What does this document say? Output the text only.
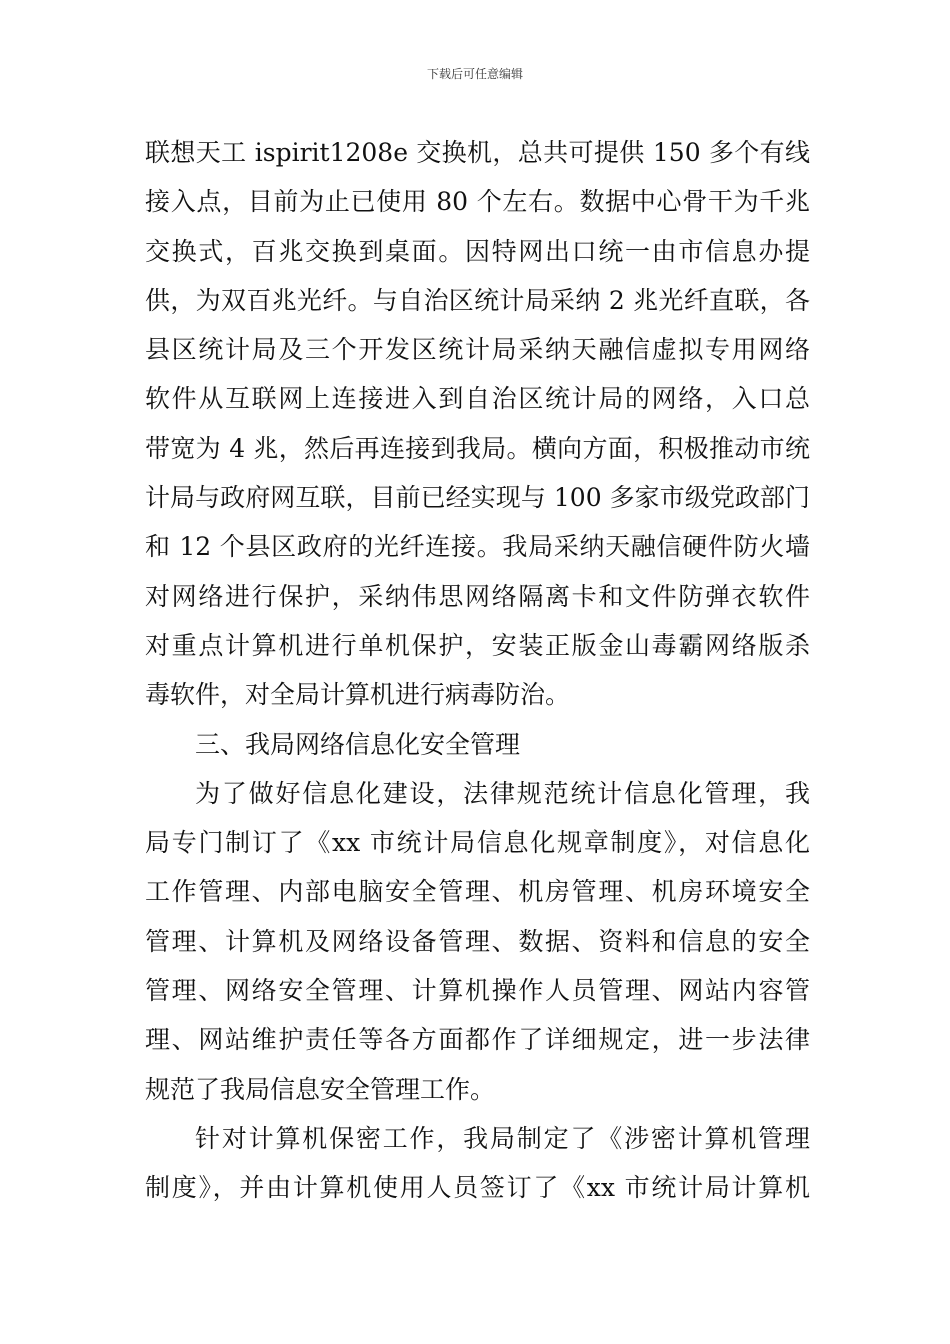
下载后可任意编辑
联想天工 ispirit1208e 交换机，总共可提供 150 多个有线
接入点，目前为止已使用 80 个左右。数据中心骨干为千兆
交换式，百兆交换到桌面。因特网出口统一由市信息办提
供，为双百兆光纤。与自治区统计局采纳 2 兆光纤直联，各
县区统计局及三个开发区统计局采纳天融信虚拟专用网络
软件从互联网上连接进入到自治区统计局的网络，入口总
带宽为 4 兆，然后再连接到我局。横向方面，积极推动市统
计局与政府网互联，目前已经实现与 100 多家市级党政部门
和 12 个县区政府的光纤连接。我局采纳天融信硬件防火墙
对网络进行保护，采纳伟思网络隔离卡和文件防弹衣软件
对重点计算机进行单机保护，安装正版金山毒霸网络版杀
毒软件，对全局计算机进行病毒防治。
三、我局网络信息化安全管理
为了做好信息化建设，法律规范统计信息化管理，我
局专门制订了《xx 市统计局信息化规章制度》，对信息化
工作管理、内部电脑安全管理、机房管理、机房环境安全
管理、计算机及网络设备管理、数据、资料和信息的安全
管理、网络安全管理、计算机操作人员管理、网站内容管
理、网站维护责任等各方面都作了详细规定，进一步法律
规范了我局信息安全管理工作。
针对计算机保密工作，我局制定了《涉密计算机管理
制度》，并由计算机使用人员签订了《xx 市统计局计算机
